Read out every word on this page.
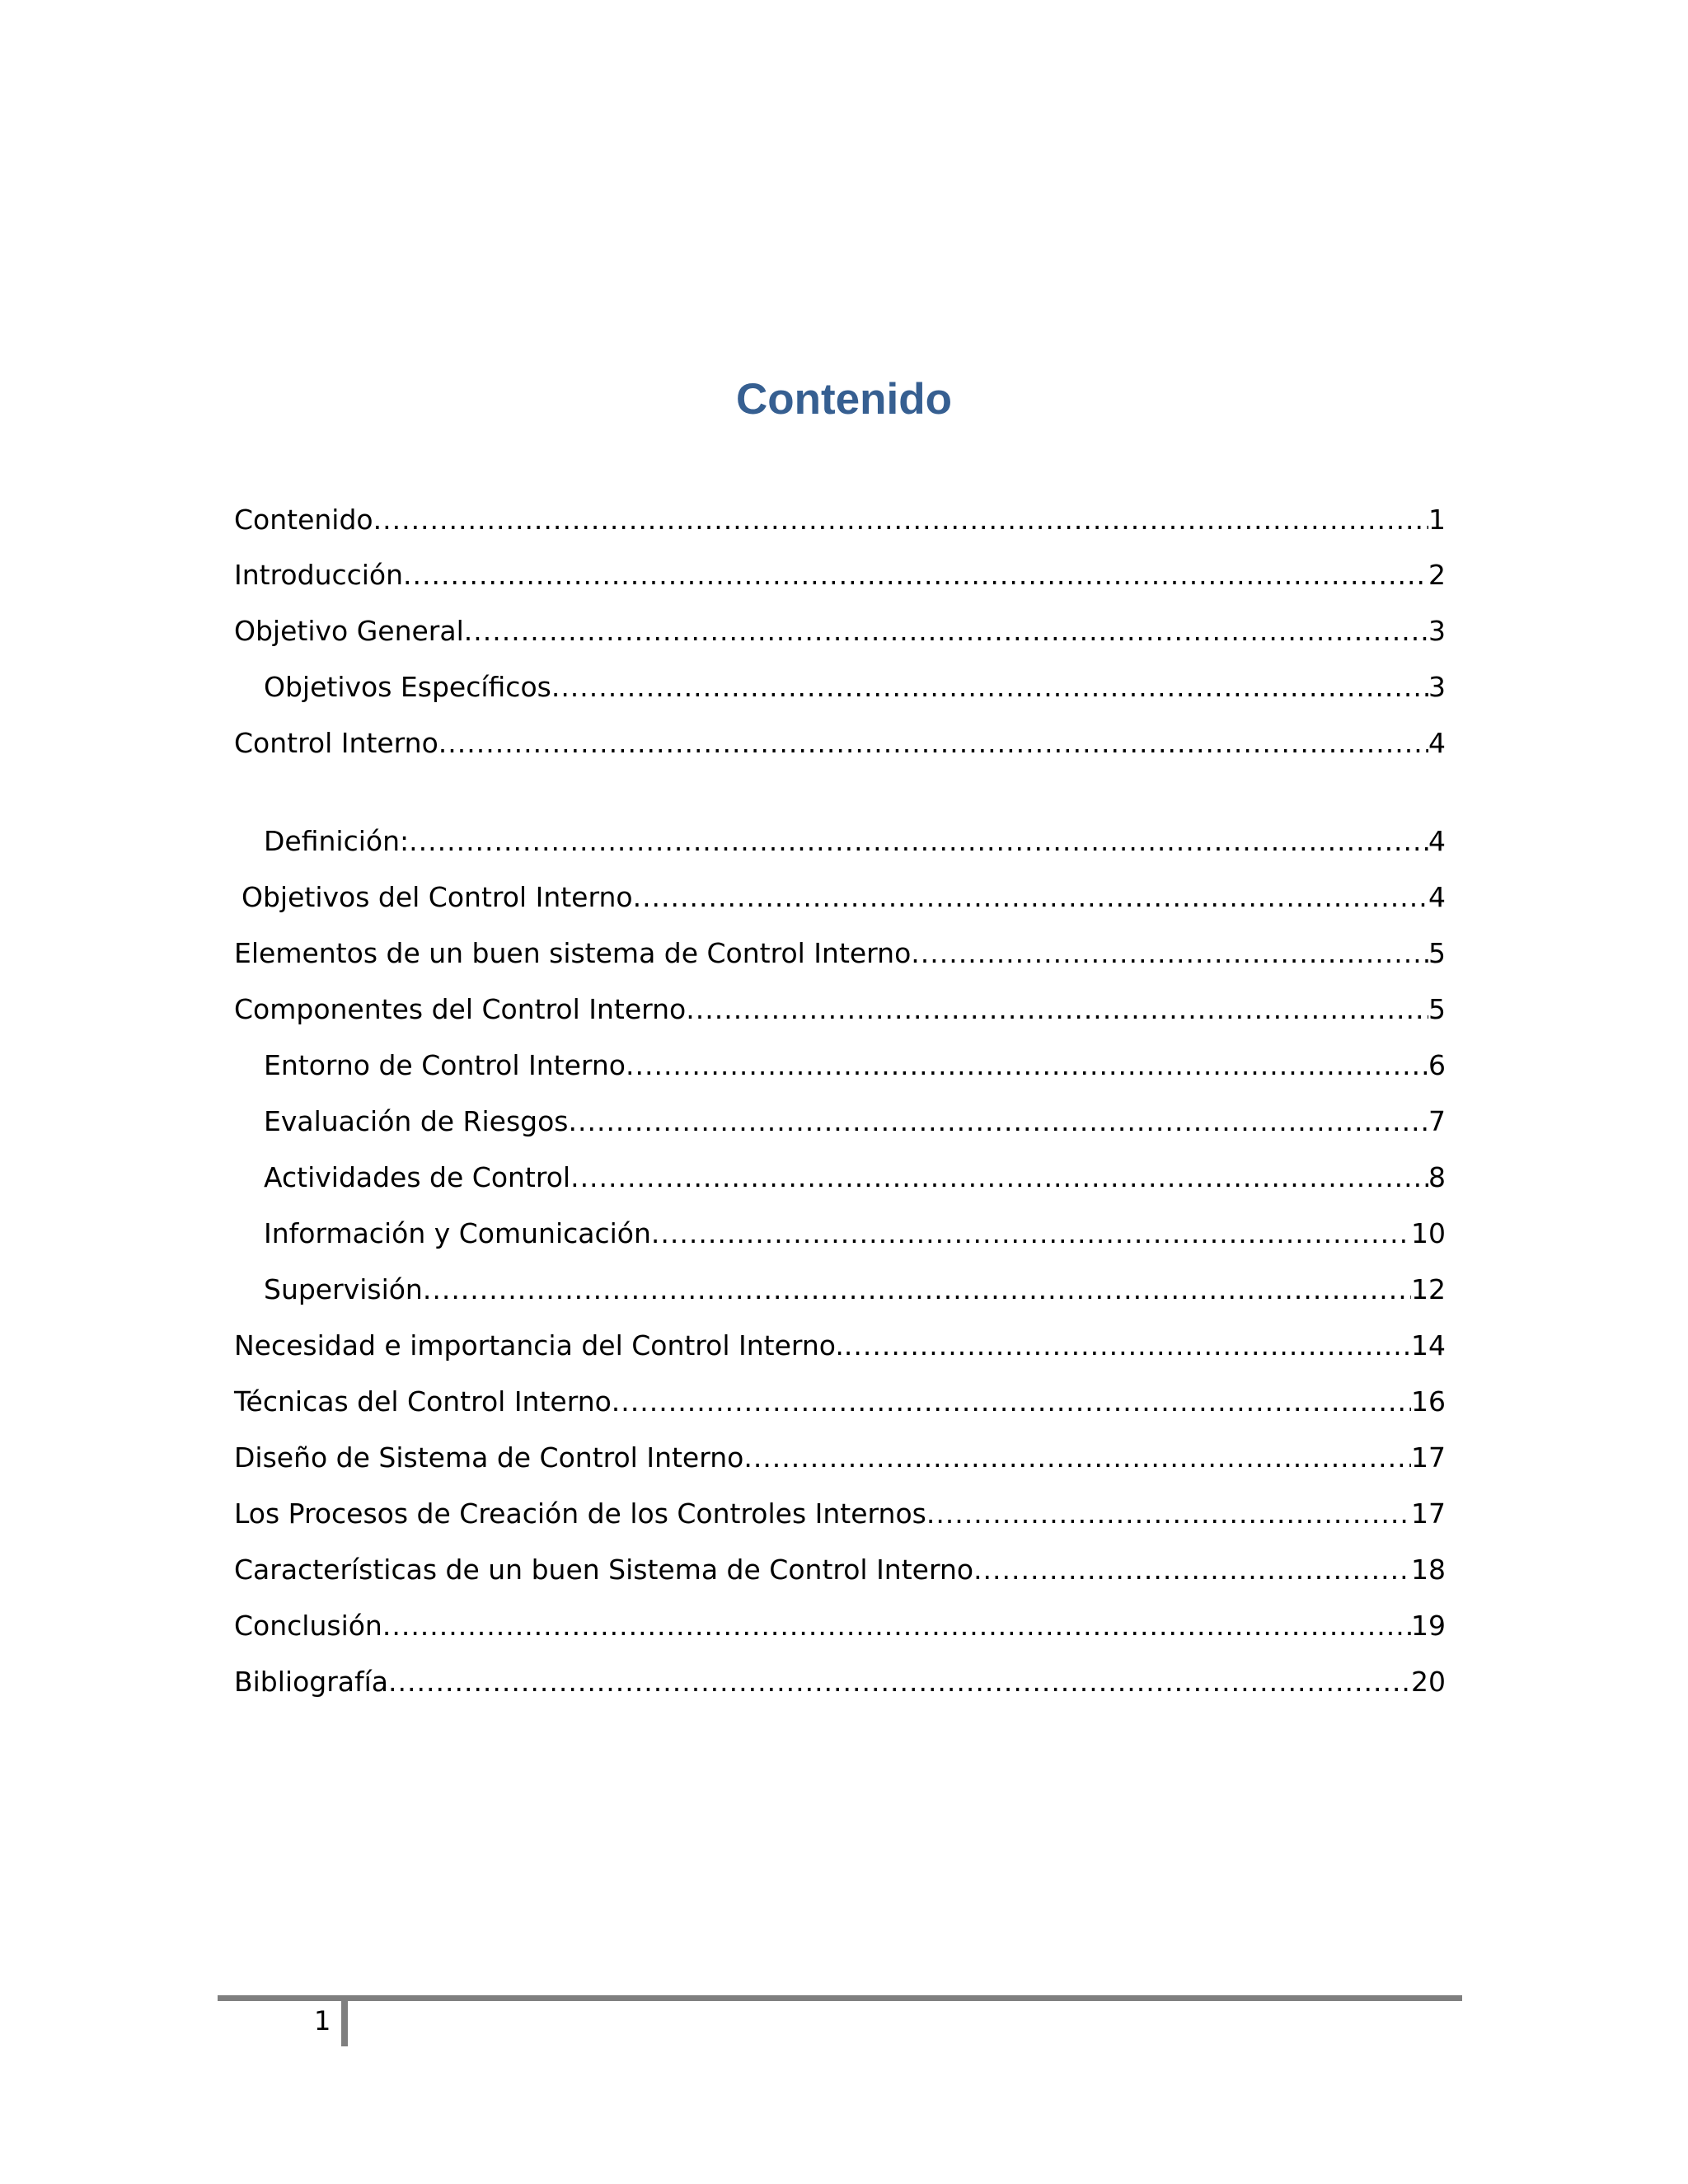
Contenido
Contenido .....	1
Introducción .....	2
Objetivo General .....	3
Objetivos Específicos .....	3
Control Interno .....	4
Definición: .....	4
Objetivos del Control Interno .....	4
Elementos de un buen sistema de Control Interno .....	5
Componentes del Control Interno .....	5
Entorno de Control Interno .....	6
Evaluación de Riesgos .....	7
Actividades de Control .....	8
Información y Comunicación .....	10
Supervisión .....	12
Necesidad e importancia del Control Interno. .....	14
Técnicas del Control Interno .....	16
Diseño de Sistema de Control Interno .....	17
Los Procesos de Creación de los Controles Internos .....	17
Características de un buen Sistema de Control Interno .....	18
Conclusión .....	19
Bibliografía .....	20
1
